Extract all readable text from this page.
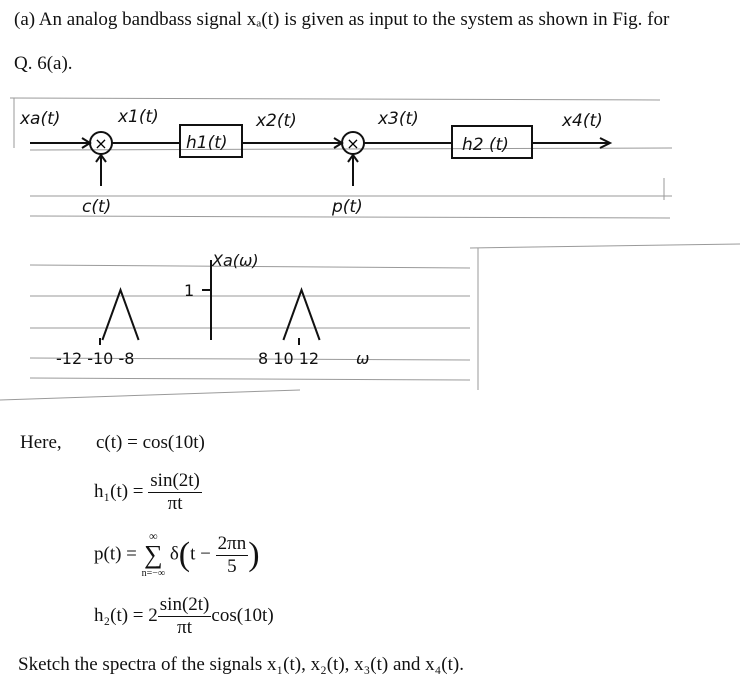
(a) An analog bandbass signal xₐ(t) is given as input to the system as shown in Fig. for
Q. 6(a).
×	×
xa(t)	x1(t)
h1(t)
x2(t)	x3(t)
h2 (t)
x4(t)
c(t)	p(t)
Xa(ω)
1
-12 -10 -8	8 10 12 ω
Here, c(t) = cos(10t)
$h_1(t) = \frac{\sin(2t)}{\pi t}$
p(t) =
∞
∑
n=−∞
$\delta(t - \frac{2\pi n}{5}$ )
$h_2(t) = 2 \frac{\sin(2t)}{\pi t} \cos(10t)$
Sketch the spectra of the signals x₁(t), x₂(t), x₃(t) and x₄(t).
